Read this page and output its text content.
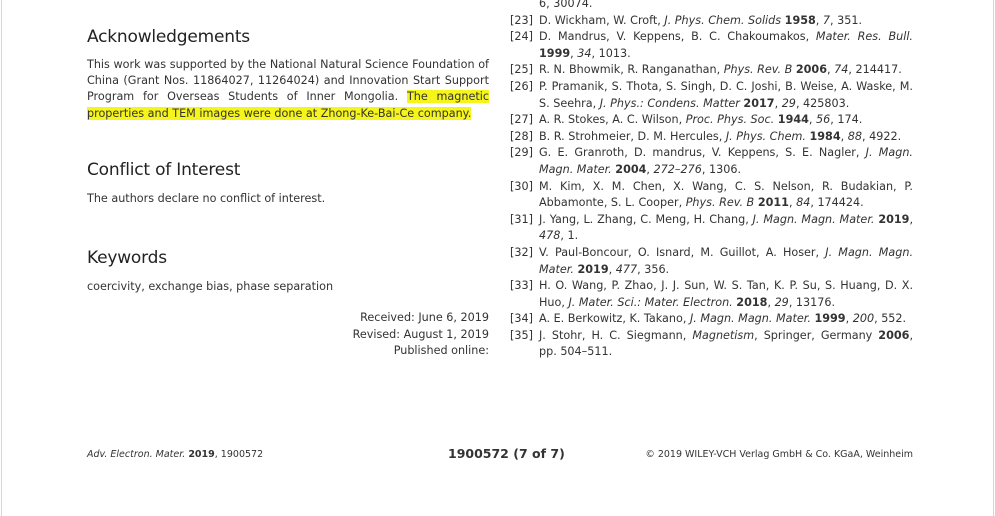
Acknowledgements

This work was supported by the National Natural Science Foundation of China (Grant Nos. 11864027, 11264024) and Innovation Start Support Program for Overseas Students of Inner Mongolia. The magnetic properties and TEM images were done at Zhong-Ke-Bai-Ce company.

Conflict of Interest

The authors declare no conflict of interest.

Keywords

coercivity, exchange bias, phase separation

Received: June 6, 2019
Revised: August 1, 2019
Published online:
6, 30074.
[23] D. Wickham, W. Croft, J. Phys. Chem. Solids 1958, 7, 351.
[24] D. Mandrus, V. Keppens, B. C. Chakoumakos, Mater. Res. Bull. 1999, 34, 1013.
[25] R. N. Bhowmik, R. Ranganathan, Phys. Rev. B 2006, 74, 214417.
[26] P. Pramanik, S. Thota, S. Singh, D. C. Joshi, B. Weise, A. Waske, M. S. Seehra, J. Phys.: Condens. Matter 2017, 29, 425803.
[27] A. R. Stokes, A. C. Wilson, Proc. Phys. Soc. 1944, 56, 174.
[28] B. R. Strohmeier, D. M. Hercules, J. Phys. Chem. 1984, 88, 4922.
[29] G. E. Granroth, D. mandrus, V. Keppens, S. E. Nagler, J. Magn. Magn. Mater. 2004, 272–276, 1306.
[30] M. Kim, X. M. Chen, X. Wang, C. S. Nelson, R. Budakian, P. Abbamonte, S. L. Cooper, Phys. Rev. B 2011, 84, 174424.
[31] J. Yang, L. Zhang, C. Meng, H. Chang, J. Magn. Magn. Mater. 2019, 478, 1.
[32] V. Paul-Boncour, O. Isnard, M. Guillot, A. Hoser, J. Magn. Magn. Mater. 2019, 477, 356.
[33] H. O. Wang, P. Zhao, J. J. Sun, W. S. Tan, K. P. Su, S. Huang, D. X. Huo, J. Mater. Sci.: Mater. Electron. 2018, 29, 13176.
[34] A. E. Berkowitz, K. Takano, J. Magn. Magn. Mater. 1999, 200, 552.
[35] J. Stohr, H. C. Siegmann, Magnetism, Springer, Germany 2006, pp. 504–511.
Adv. Electron. Mater. 2019, 1900572	1900572 (7 of 7)	© 2019 WILEY-VCH Verlag GmbH & Co. KGaA, Weinheim
